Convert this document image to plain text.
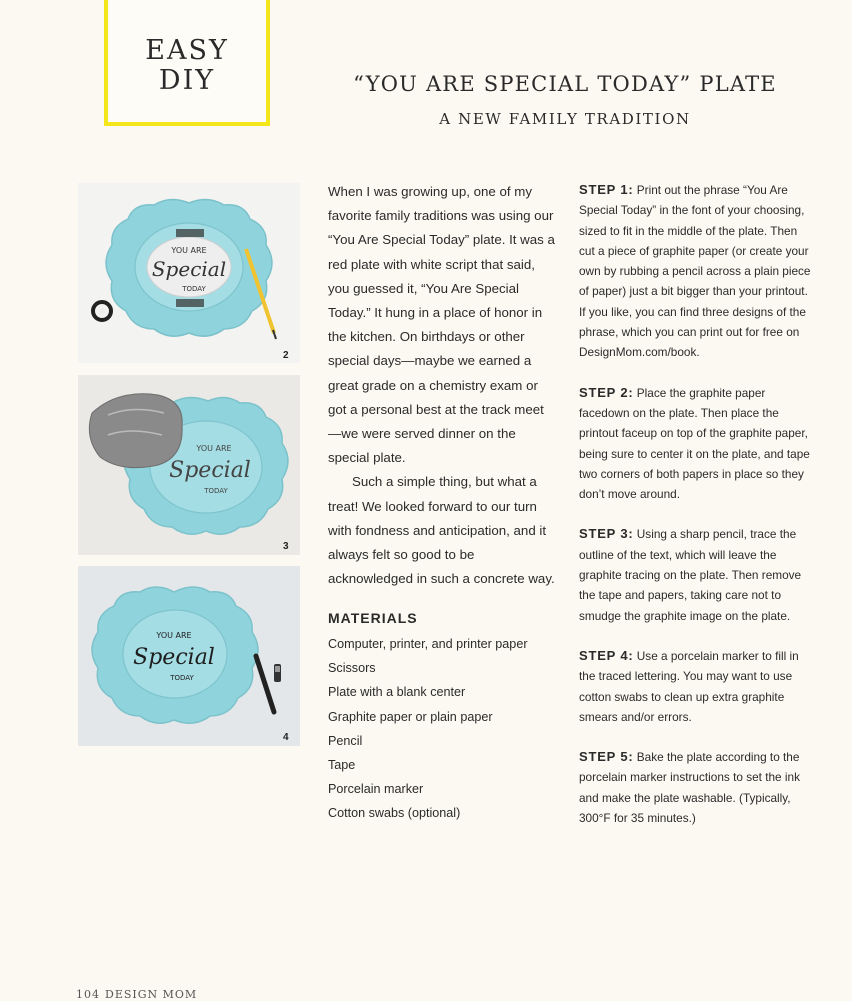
EASY
DIY	“YOU ARE SPECIAL TODAY” PLATE
A NEW FAMILY TRADITION
YOU ARE
Special
TODAY
2
YOU ARE
Special
TODAY
3
YOU ARE
Special
TODAY
4

When I was growing up, one of my favorite family traditions was using our “You Are Special Today” plate. It was a red plate with white script that said, you guessed it, “You Are Special Today.” It hung in a place of honor in the kitchen. On birthdays or other special days—maybe we earned a great grade on a chemistry exam or got a personal best at the track meet—we were served dinner on the special plate.

Such a simple thing, but what a treat! We looked forward to our turn with fondness and anticipation, and it always felt so good to be acknowledged in such a concrete way.

MATERIALS
Computer, printer, and printer paper
Scissors
Plate with a blank center
Graphite paper or plain paper
Pencil
Tape
Porcelain marker
Cotton swabs (optional)

STEP 1: Print out the phrase “You Are Special Today” in the font of your choosing, sized to fit in the middle of the plate. Then cut a piece of graphite paper (or create your own by rubbing a pencil across a plain piece of paper) just a bit bigger than your printout. If you like, you can find three designs of the phrase, which you can print out for free on DesignMom.com/book.

STEP 2: Place the graphite paper facedown on the plate. Then place the printout faceup on top of the graphite paper, being sure to center it on the plate, and tape two corners of both papers in place so they don’t move around.

STEP 3: Using a sharp pencil, trace the outline of the text, which will leave the graphite tracing on the plate. Then remove the tape and papers, taking care not to smudge the graphite image on the plate.

STEP 4: Use a porcelain marker to fill in the traced lettering. You may want to use cotton swabs to clean up extra graphite smears and/or errors.

STEP 5: Bake the plate according to the porcelain marker instructions to set the ink and make the plate washable. (Typically, 300°F for 35 minutes.)

104 DESIGN MOM
